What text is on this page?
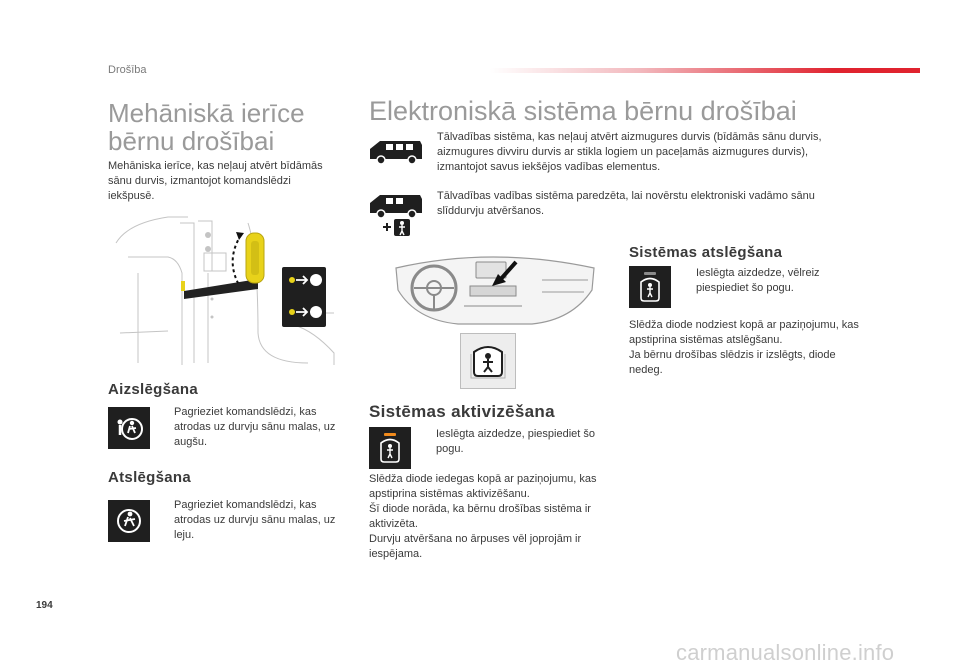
Drošība
Mehāniskā ierīce
bērnu drošībai
Mehāniska ierīce, kas neļauj atvērt bīdāmās
sānu durvis, izmantojot komandslēdzi
iekšpusē.
Aizslēgšana
Pagrieziet komandslēdzi, kas
atrodas uz durvju sānu malas, uz
augšu.
Atslēgšana
Pagrieziet komandslēdzi, kas
atrodas uz durvju sānu malas, uz
leju.
Elektroniskā sistēma bērnu drošībai
Tālvadības sistēma, kas neļauj atvērt aizmugures durvis (bīdāmās sānu durvis,
aizmugures divviru durvis ar stikla logiem un paceļamās aizmugures durvis),
izmantojot savus iekšējos vadības elementus.
Tālvadības vadības sistēma paredzēta, lai novērstu elektroniski vadāmo sānu
slīddurvju atvēršanos.
Sistēmas aktivizēšana
Ieslēgta aizdedze, piespiediet šo
pogu.
Slēdža diode iedegas kopā ar paziņojumu, kas
apstiprina sistēmas aktivizēšanu.
Šī diode norāda, ka bērnu drošības sistēma ir
aktivizēta.
Durvju atvēršana no ārpuses vēl joprojām ir
iespējama.
Sistēmas atslēgšana
Ieslēgta aizdedze, vēlreiz
piespiediet šo pogu.
Slēdža diode nodziest kopā ar paziņojumu, kas
apstiprina sistēmas atslēgšanu.
Ja bērnu drošības slēdzis ir izslēgts, diode
nedeg.
194
carmanualsonline.info
